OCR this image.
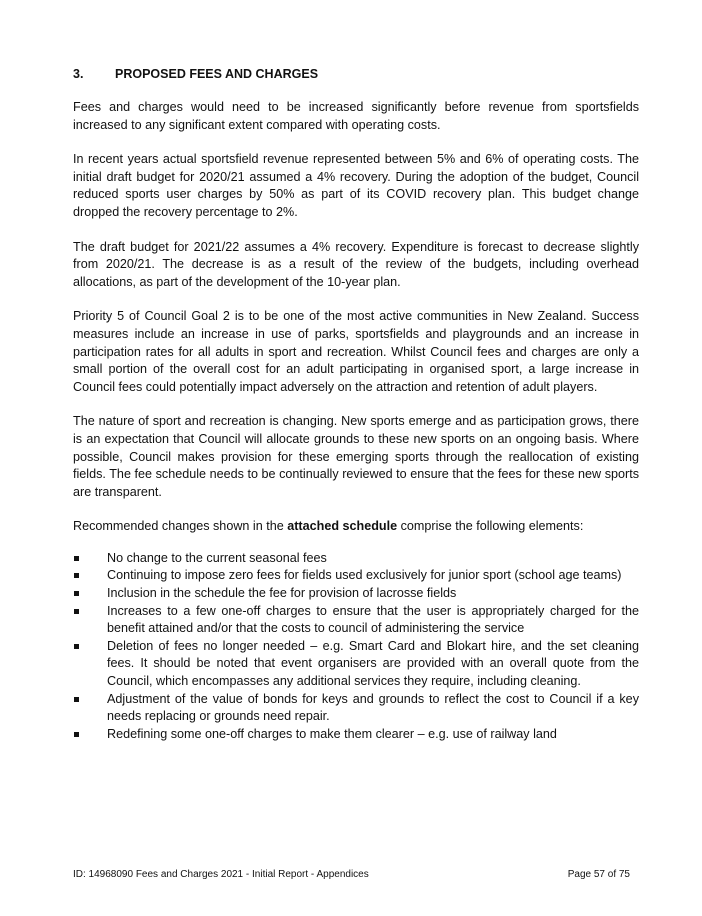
3.	PROPOSED FEES AND CHARGES

Fees and charges would need to be increased significantly before revenue from sportsfields increased to any significant extent compared with operating costs.

In recent years actual sportsfield revenue represented between 5% and 6% of operating costs. The initial draft budget for 2020/21 assumed a 4% recovery. During the adoption of the budget, Council reduced sports user charges by 50% as part of its COVID recovery plan. This budget change dropped the recovery percentage to 2%.

The draft budget for 2021/22 assumes a 4% recovery. Expenditure is forecast to decrease slightly from 2020/21. The decrease is as a result of the review of the budgets, including overhead allocations, as part of the development of the 10-year plan.

Priority 5 of Council Goal 2 is to be one of the most active communities in New Zealand. Success measures include an increase in use of parks, sportsfields and playgrounds and an increase in participation rates for all adults in sport and recreation. Whilst Council fees and charges are only a small portion of the overall cost for an adult participating in organised sport, a large increase in Council fees could potentially impact adversely on the attraction and retention of adult players.

The nature of sport and recreation is changing. New sports emerge and as participation grows, there is an expectation that Council will allocate grounds to these new sports on an ongoing basis. Where possible, Council makes provision for these emerging sports through the reallocation of existing fields. The fee schedule needs to be continually reviewed to ensure that the fees for these new sports are transparent.

Recommended changes shown in the attached schedule comprise the following elements:

No change to the current seasonal fees
Continuing to impose zero fees for fields used exclusively for junior sport (school age teams)
Inclusion in the schedule the fee for provision of lacrosse fields
Increases to a few one-off charges to ensure that the user is appropriately charged for the benefit attained and/or that the costs to council of administering the service
Deletion of fees no longer needed – e.g. Smart Card and Blokart hire, and the set cleaning fees. It should be noted that event organisers are provided with an overall quote from the Council, which encompasses any additional services they require, including cleaning.
Adjustment of the value of bonds for keys and grounds to reflect the cost to Council if a key needs replacing or grounds need repair.
Redefining some one-off charges to make them clearer – e.g. use of railway land
ID: 14968090 Fees and Charges 2021 - Initial Report - Appendices	Page 57 of 75
